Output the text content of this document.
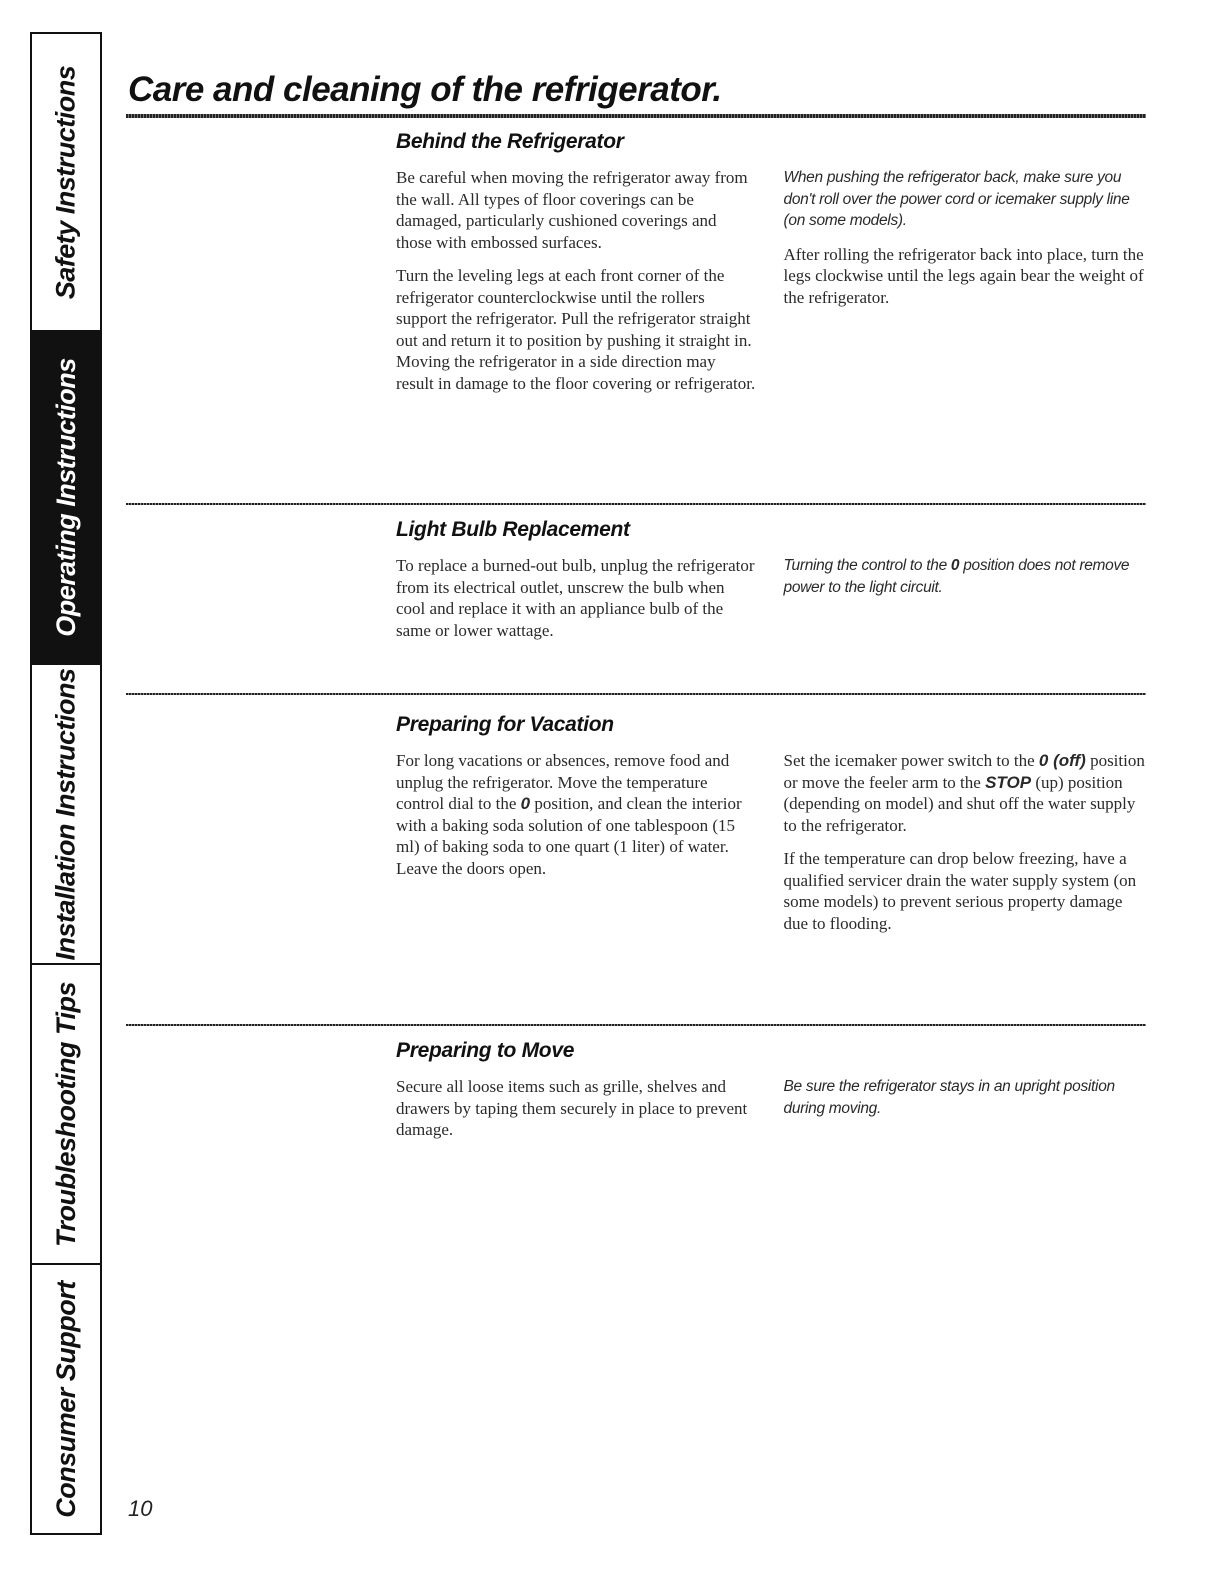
Safety Instructions
Operating Instructions
Installation Instructions
Troubleshooting Tips
Consumer Support
Care and cleaning of the refrigerator.
Behind the Refrigerator

Be careful when moving the refrigerator away from the wall. All types of floor coverings can be damaged, particularly cushioned coverings and those with embossed surfaces.

Turn the leveling legs at each front corner of the refrigerator counterclockwise until the rollers support the refrigerator. Pull the refrigerator straight out and return it to position by pushing it straight in. Moving the refrigerator in a side direction may result in damage to the floor covering or refrigerator.

When pushing the refrigerator back, make sure you don't roll over the power cord or icemaker supply line (on some models).

After rolling the refrigerator back into place, turn the legs clockwise until the legs again bear the weight of the refrigerator.

Light Bulb Replacement

To replace a burned-out bulb, unplug the refrigerator from its electrical outlet, unscrew the bulb when cool and replace it with an appliance bulb of the same or lower wattage.

Turning the control to the 0 position does not remove power to the light circuit.

Preparing for Vacation

For long vacations or absences, remove food and unplug the refrigerator. Move the temperature control dial to the 0 position, and clean the interior with a baking soda solution of one tablespoon (15 ml) of baking soda to one quart (1 liter) of water. Leave the doors open.

Set the icemaker power switch to the 0 (off) position or move the feeler arm to the STOP (up) position (depending on model) and shut off the water supply to the refrigerator.

If the temperature can drop below freezing, have a qualified servicer drain the water supply system (on some models) to prevent serious property damage due to flooding.

Preparing to Move

Secure all loose items such as grille, shelves and drawers by taping them securely in place to prevent damage.

Be sure the refrigerator stays in an upright position during moving.

10
